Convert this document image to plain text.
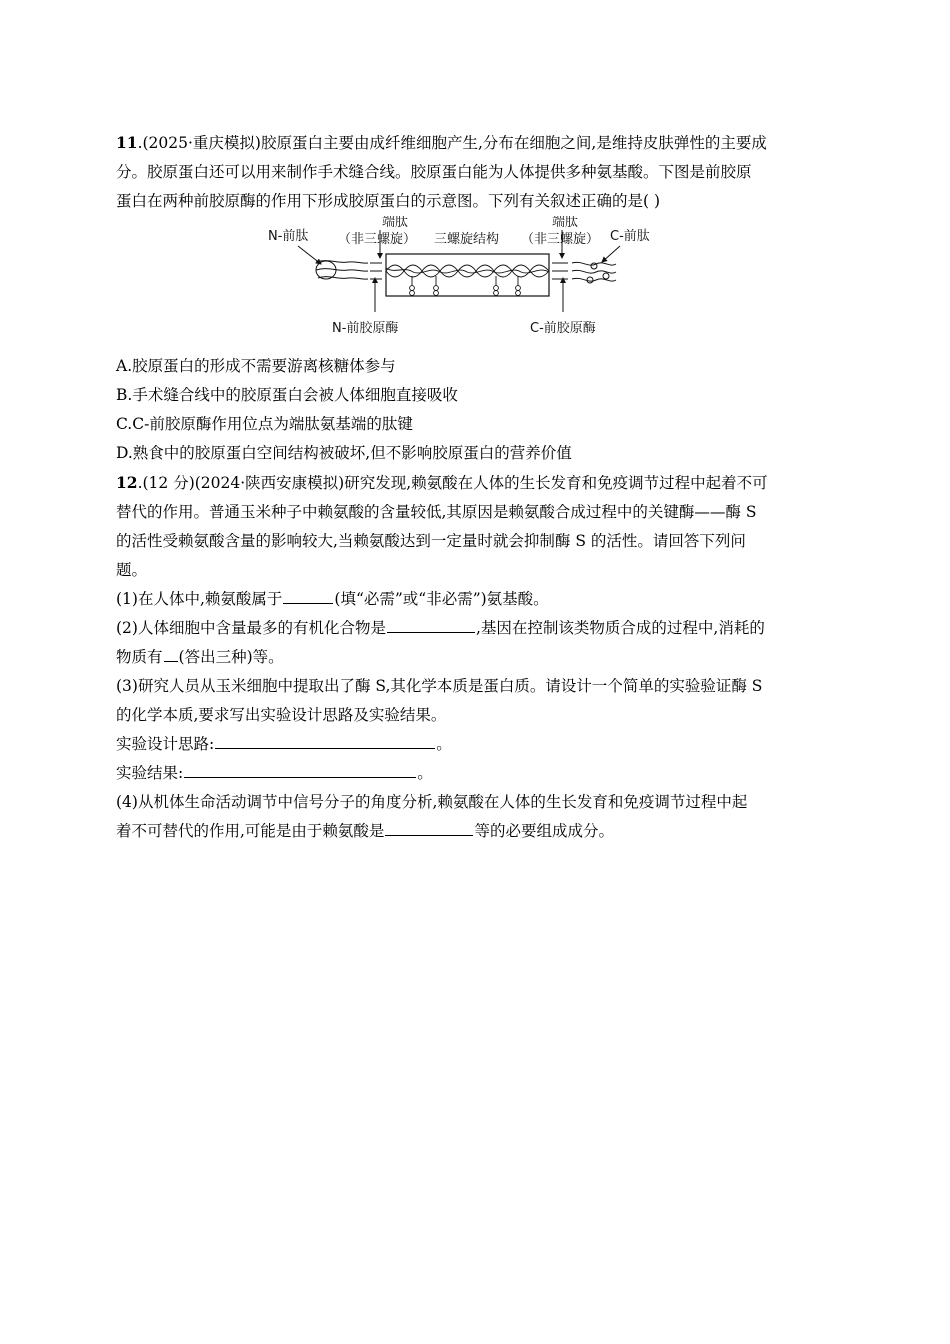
11.(2025·重庆模拟)胶原蛋白主要由成纤维细胞产生,分布在细胞之间,是维持皮肤弹性的主要成

分。胶原蛋白还可以用来制作手术缝合线。胶原蛋白能为人体提供多种氨基酸。下图是前胶原

蛋白在两种前胶原酶的作用下形成胶原蛋白的示意图。下列有关叙述正确的是( )

N-前肽
端肽
（非三螺旋） 三螺旋结构
端肽
（非三螺旋） C-前肽
N-前胶原酶	C-前胶原酶

A.胶原蛋白的形成不需要游离核糖体参与

B.手术缝合线中的胶原蛋白会被人体细胞直接吸收

C.C-前胶原酶作用位点为端肽氨基端的肽键

D.熟食中的胶原蛋白空间结构被破坏,但不影响胶原蛋白的营养价值

12.(12 分)(2024·陕西安康模拟)研究发现,赖氨酸在人体的生长发育和免疫调节过程中起着不可

替代的作用。普通玉米种子中赖氨酸的含量较低,其原因是赖氨酸合成过程中的关键酶——酶 S

的活性受赖氨酸含量的影响较大,当赖氨酸达到一定量时就会抑制酶 S 的活性。请回答下列问

题。

(1)在人体中,赖氨酸属于	(填“必需”或“非必需”)氨基酸。

(2)人体细胞中含量最多的有机化合物是	,基因在控制该类物质合成的过程中,消耗的

物质有 (答出三种)等。

(3)研究人员从玉米细胞中提取出了酶 S,其化学本质是蛋白质。请设计一个简单的实验验证酶 S

的化学本质,要求写出实验设计思路及实验结果。

实验设计思路:	。

实验结果:	。

(4)从机体生命活动调节中信号分子的角度分析,赖氨酸在人体的生长发育和免疫调节过程中起

着不可替代的作用,可能是由于赖氨酸是	等的必要组成成分。
